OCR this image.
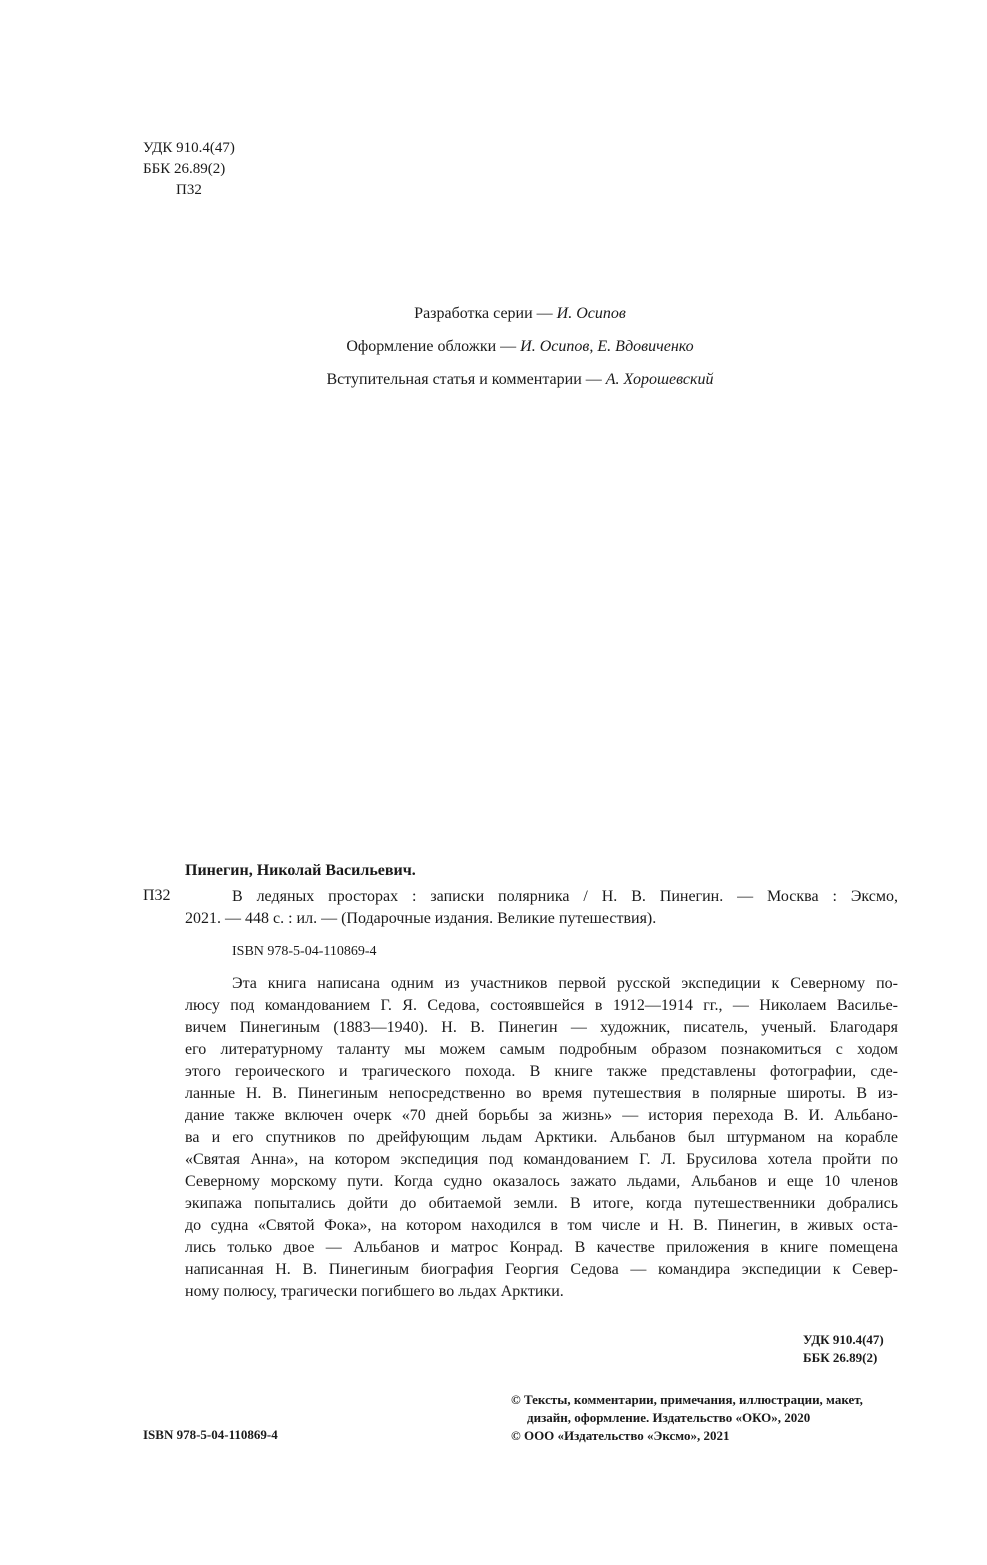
УДК 910.4(47)
ББК 26.89(2)
П32
Разработка серии — И. Осипов
Оформление обложки — И. Осипов, Е. Вдовиченко
Вступительная статья и комментарии — А. Хорошевский
Пинегин, Николай Васильевич.
П32	В ледяных просторах : записки полярника / Н. В. Пинегин. — Москва : Эксмо,
2021. — 448 с. : ил. — (Подарочные издания. Великие путешествия).
ISBN 978-5-04-110869-4
Эта книга написана одним из участников первой русской экспедиции к Северному по-
люсу под командованием Г. Я. Седова, состоявшейся в 1912—1914 гг., — Николаем Василье-
вичем Пинегиным (1883—1940). Н. В. Пинегин — художник, писатель, ученый. Благодаря
его литературному таланту мы можем самым подробным образом познакомиться с ходом
этого героического и трагического похода. В книге также представлены фотографии, сде-
ланные Н. В. Пинегиным непосредственно во время путешествия в полярные широты. В из-
дание также включен очерк «70 дней борьбы за жизнь» — история перехода В. И. Альбано-
ва и его спутников по дрейфующим льдам Арктики. Альбанов был штурманом на корабле
«Святая Анна», на котором экспедиция под командованием Г. Л. Брусилова хотела пройти по
Северному морскому пути. Когда судно оказалось зажато льдами, Альбанов и еще 10 членов
экипажа попытались дойти до обитаемой земли. В итоге, когда путешественники добрались
до судна «Святой Фока», на котором находился в том числе и Н. В. Пинегин, в живых оста-
лись только двое — Альбанов и матрос Конрад. В качестве приложения в книге помещена
написанная Н. В. Пинегиным биография Георгия Седова — командира экспедиции к Север-
ному полюсу, трагически погибшего во льдах Арктики.
УДК 910.4(47)
ББК 26.89(2)
© Тексты, комментарии, примечания, иллюстрации, макет,
дизайн, оформление. Издательство «ОКО», 2020
© ООО «Издательство «Эксмо», 2021
ISBN 978-5-04-110869-4
